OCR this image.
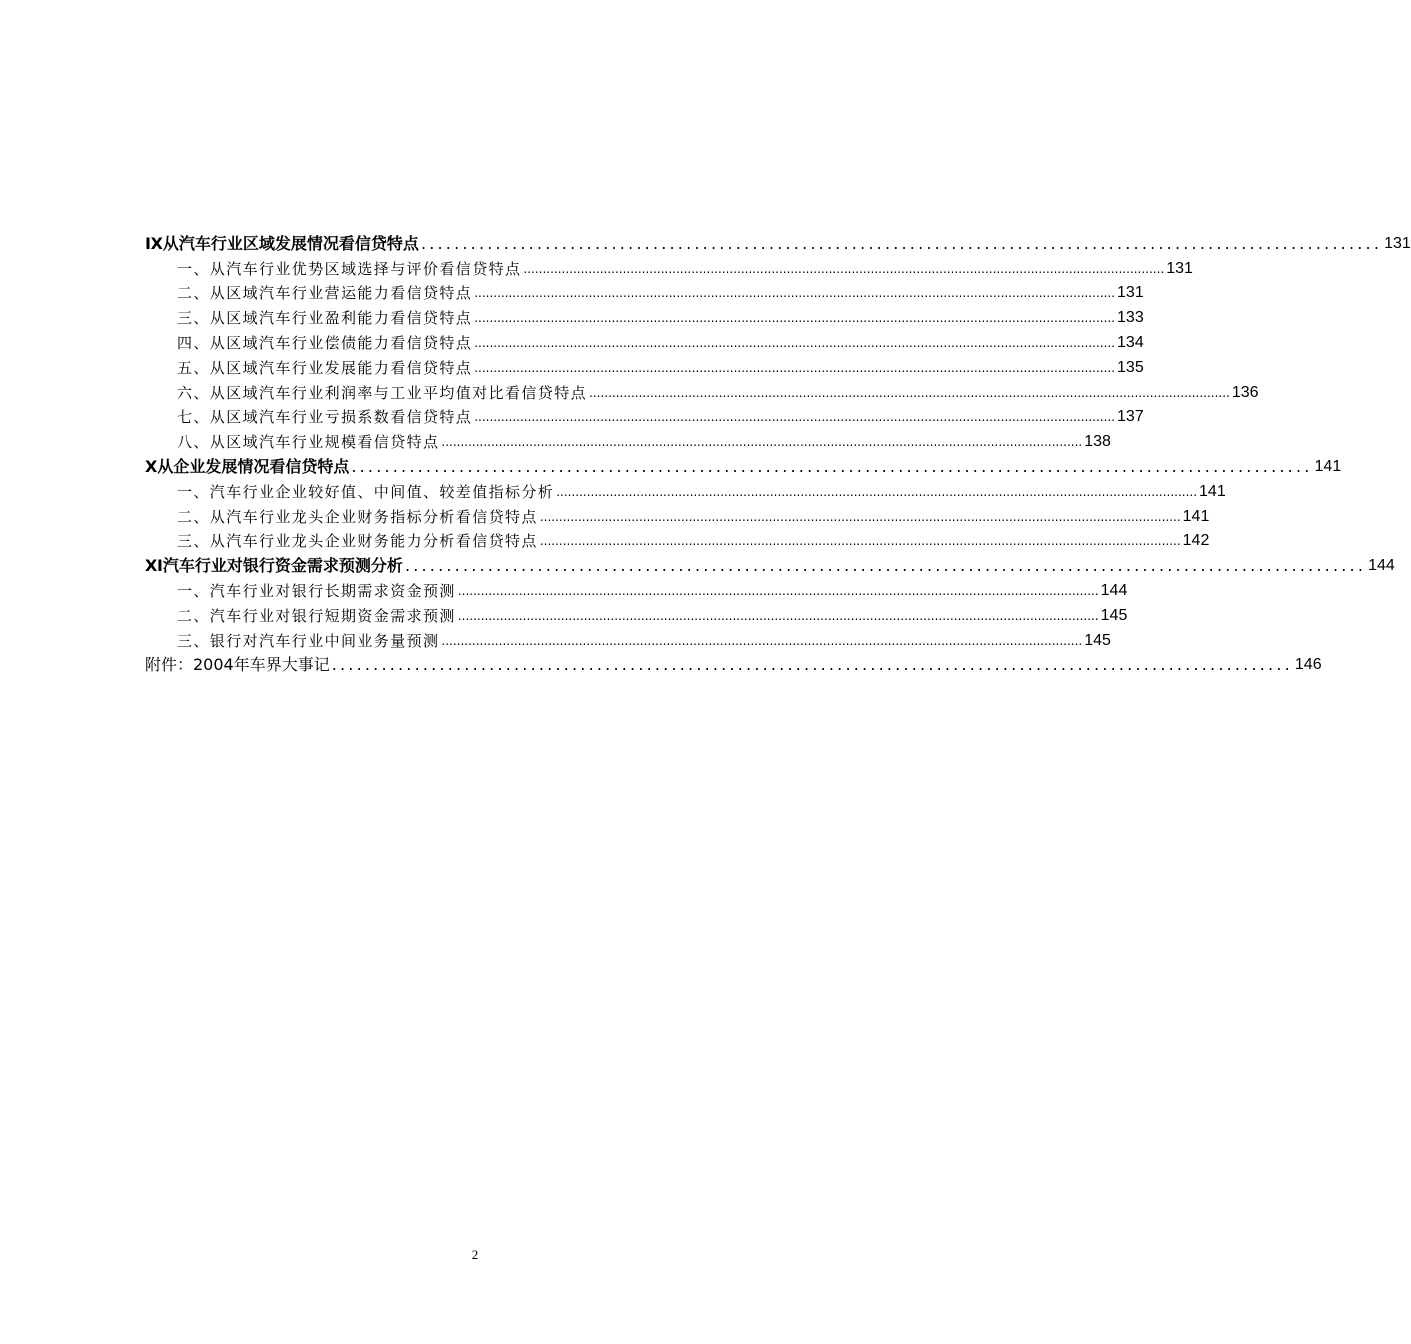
Ⅸ从汽车行业区域发展情况看信贷特点 .................................................................................................................... 131
一、从汽车行业优势区域选择与评价看信贷特点 ........................................................................................................................................................................ 131
二、从区域汽车行业营运能力看信贷特点 ........................................................................................................................................................................ 131
三、从区域汽车行业盈利能力看信贷特点 ........................................................................................................................................................................ 133
四、从区域汽车行业偿债能力看信贷特点 ........................................................................................................................................................................ 134
五、从区域汽车行业发展能力看信贷特点 ........................................................................................................................................................................ 135
六、从区域汽车行业利润率与工业平均值对比看信贷特点 ........................................................................................................................................................................ 136
七、从区域汽车行业亏损系数看信贷特点 ........................................................................................................................................................................ 137
八、从区域汽车行业规模看信贷特点 ........................................................................................................................................................................ 138
Ⅹ从企业发展情况看信贷特点 .................................................................................................................... 141
一、汽车行业企业较好值、中间值、较差值指标分析 ........................................................................................................................................................................ 141
二、从汽车行业龙头企业财务指标分析看信贷特点 ........................................................................................................................................................................ 141
三、从汽车行业龙头企业财务能力分析看信贷特点 ........................................................................................................................................................................ 142
Ⅺ汽车行业对银行资金需求预测分析 .................................................................................................................... 144
一、汽车行业对银行长期需求资金预测 ........................................................................................................................................................................ 144
二、汽车行业对银行短期资金需求预测 ........................................................................................................................................................................ 145
三、银行对汽车行业中间业务量预测 ........................................................................................................................................................................ 145
附件：2004年车界大事记 .................................................................................................................... 146
2
